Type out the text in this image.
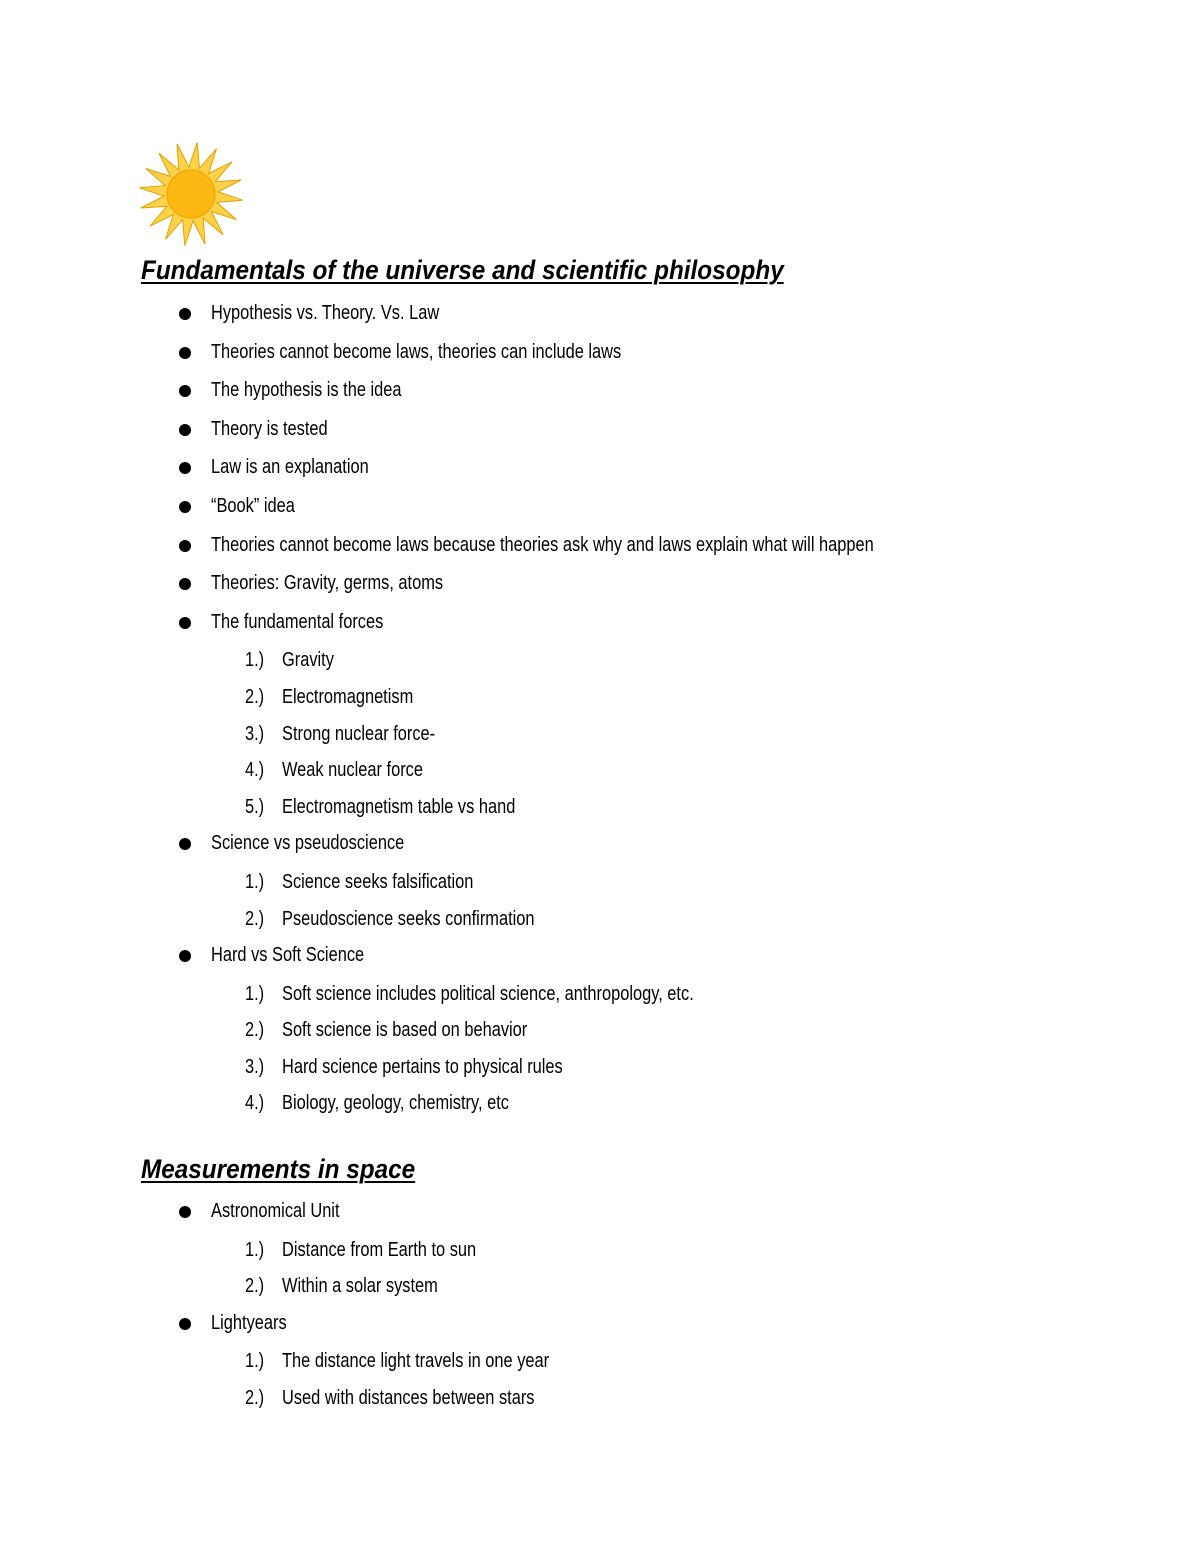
Fundamentals of the universe and scientific philosophy
Hypothesis vs. Theory. Vs. Law
Theories cannot become laws, theories can include laws
The hypothesis is the idea
Theory is tested
Law is an explanation
“Book” idea
Theories cannot become laws because theories ask why and laws explain what will happen
Theories: Gravity, germs, atoms
The fundamental forces
1.) Gravity
2.) Electromagnetism
3.) Strong nuclear force-
4.) Weak nuclear force
5.) Electromagnetism table vs hand
Science vs pseudoscience
1.) Science seeks falsification
2.) Pseudoscience seeks confirmation
Hard vs Soft Science
1.) Soft science includes political science, anthropology, etc.
2.) Soft science is based on behavior
3.) Hard science pertains to physical rules
4.) Biology, geology, chemistry, etc
Measurements in space
Astronomical Unit
1.) Distance from Earth to sun
2.) Within a solar system
Lightyears
1.) The distance light travels in one year
2.) Used with distances between stars
